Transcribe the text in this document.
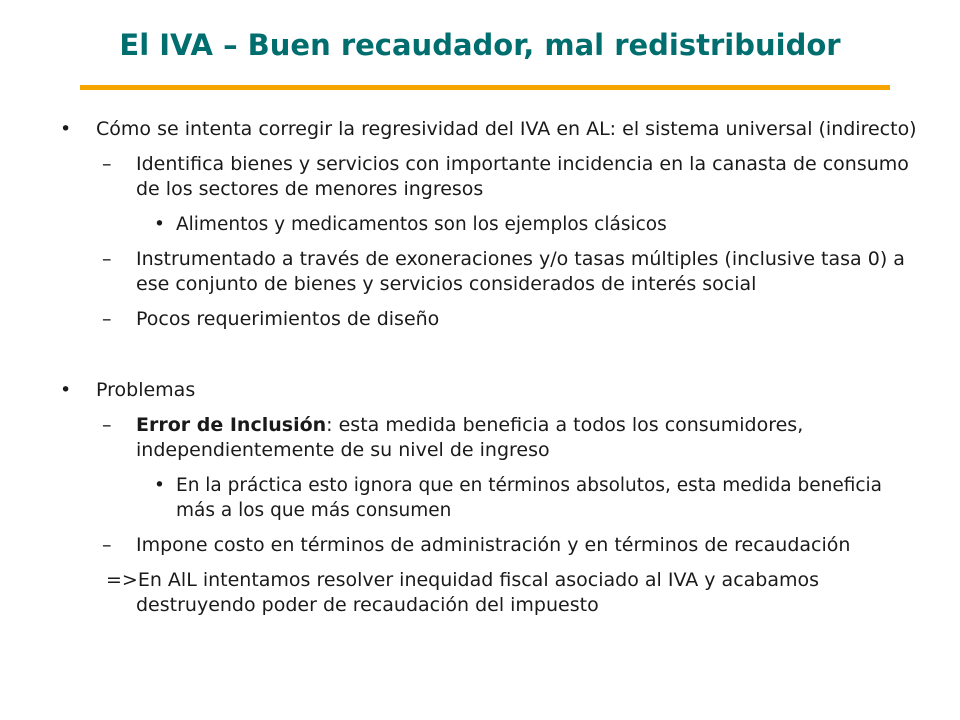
El IVA – Buen recaudador, mal redistribuidor

• Cómo se intenta corregir la regresividad del IVA en AL: el sistema universal (indirecto)

– Identifica bienes y servicios con importante incidencia en la canasta de consumo de los sectores de menores ingresos

• Alimentos y medicamentos son los ejemplos clásicos

– Instrumentado a través de exoneraciones y/o tasas múltiples (inclusive tasa 0) a ese conjunto de bienes y servicios considerados de interés social

– Pocos requerimientos de diseño

• Problemas

– Error de Inclusión: esta medida beneficia a todos los consumidores, independientemente de su nivel de ingreso

• En la práctica esto ignora que en términos absolutos, esta medida beneficia más a los que más consumen

– Impone costo en términos de administración y en términos de recaudación

=>En AlL intentamos resolver inequidad fiscal asociado al IVA y acabamos destruyendo poder de recaudación del impuesto
